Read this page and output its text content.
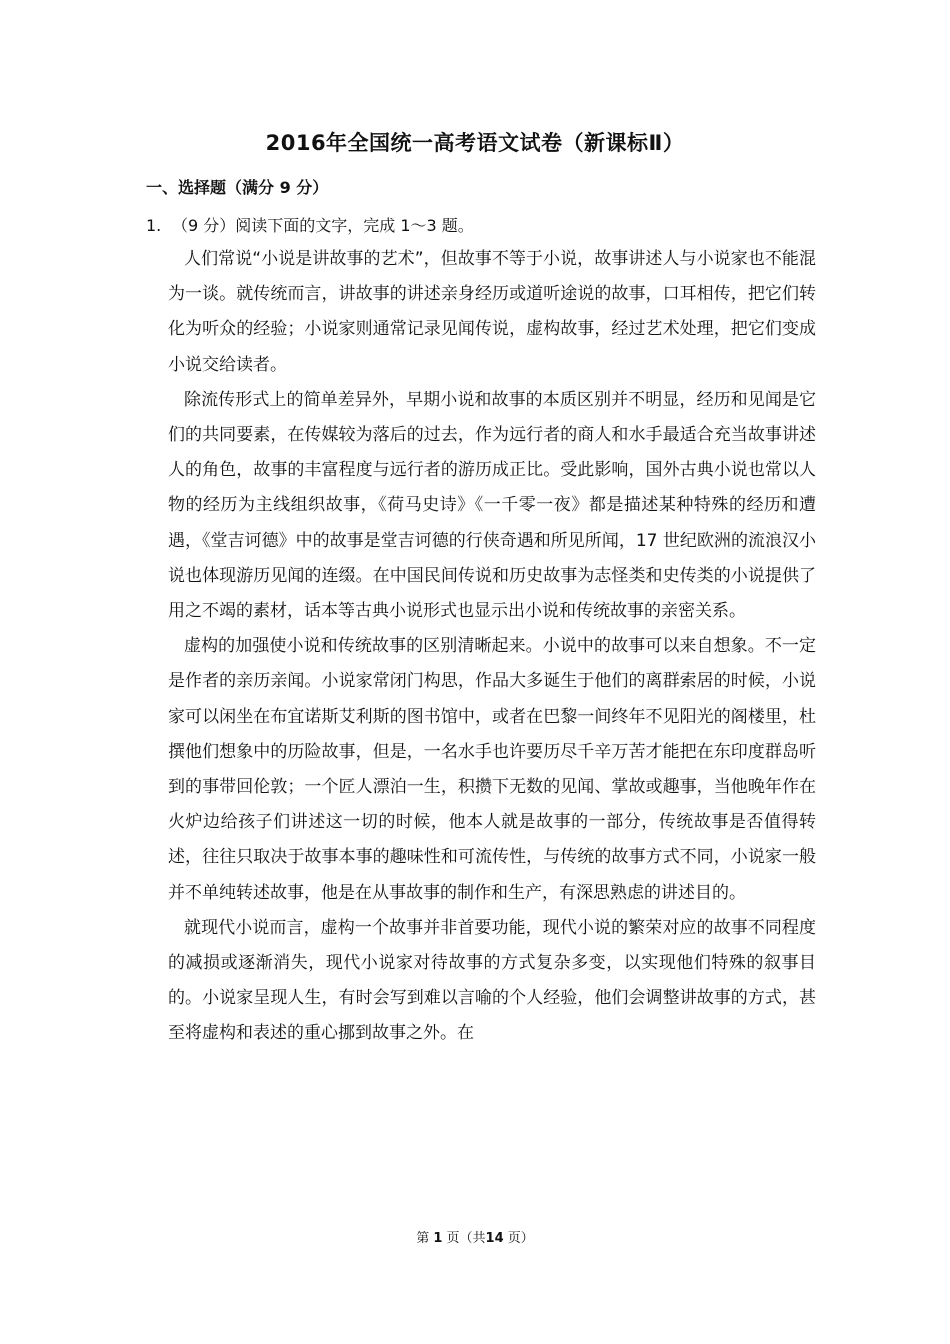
2016年全国统一高考语文试卷（新课标Ⅱ）
一、选择题（满分 9 分）
1. （9 分）阅读下面的文字，完成 1～3 题。

人们常说“小说是讲故事的艺术”，但故事不等于小说，故事讲述人与小说家也不能混为一谈。就传统而言，讲故事的讲述亲身经历或道听途说的故事，口耳相传，把它们转化为听众的经验；小说家则通常记录见闻传说，虚构故事，经过艺术处理，把它们变成小说交给读者。

除流传形式上的简单差异外，早期小说和故事的本质区别并不明显，经历和见闻是它们的共同要素，在传媒较为落后的过去，作为远行者的商人和水手最适合充当故事讲述人的角色，故事的丰富程度与远行者的游历成正比。受此影响，国外古典小说也常以人物的经历为主线组织故事，《荷马史诗》《一千零一夜》都是描述某种特殊的经历和遭遇，《堂吉诃德》中的故事是堂吉诃德的行侠奇遇和所见所闻，17 世纪欧洲的流浪汉小说也体现游历见闻的连缀。在中国民间传说和历史故事为志怪类和史传类的小说提供了用之不竭的素材，话本等古典小说形式也显示出小说和传统故事的亲密关系。

虚构的加强使小说和传统故事的区别清晰起来。小说中的故事可以来自想象。不一定是作者的亲历亲闻。小说家常闭门构思，作品大多诞生于他们的离群索居的时候，小说家可以闲坐在布宜诺斯艾利斯的图书馆中，或者在巴黎一间终年不见阳光的阁楼里，杜撰他们想象中的历险故事，但是，一名水手也许要历尽千辛万苦才能把在东印度群岛听到的事带回伦敦；一个匠人漂泊一生，积攒下无数的见闻、掌故或趣事，当他晚年作在火炉边给孩子们讲述这一切的时候，他本人就是故事的一部分，传统故事是否值得转述，往往只取决于故事本事的趣味性和可流传性，与传统的故事方式不同，小说家一般并不单纯转述故事，他是在从事故事的制作和生产，有深思熟虑的讲述目的。

就现代小说而言，虚构一个故事并非首要功能，现代小说的繁荣对应的故事不同程度的减损或逐渐消失，现代小说家对待故事的方式复杂多变，以实现他们特殊的叙事目的。小说家呈现人生，有时会写到难以言喻的个人经验，他们会调整讲故事的方式，甚至将虚构和表述的重心挪到故事之外。在

第 1 页（共14 页）
